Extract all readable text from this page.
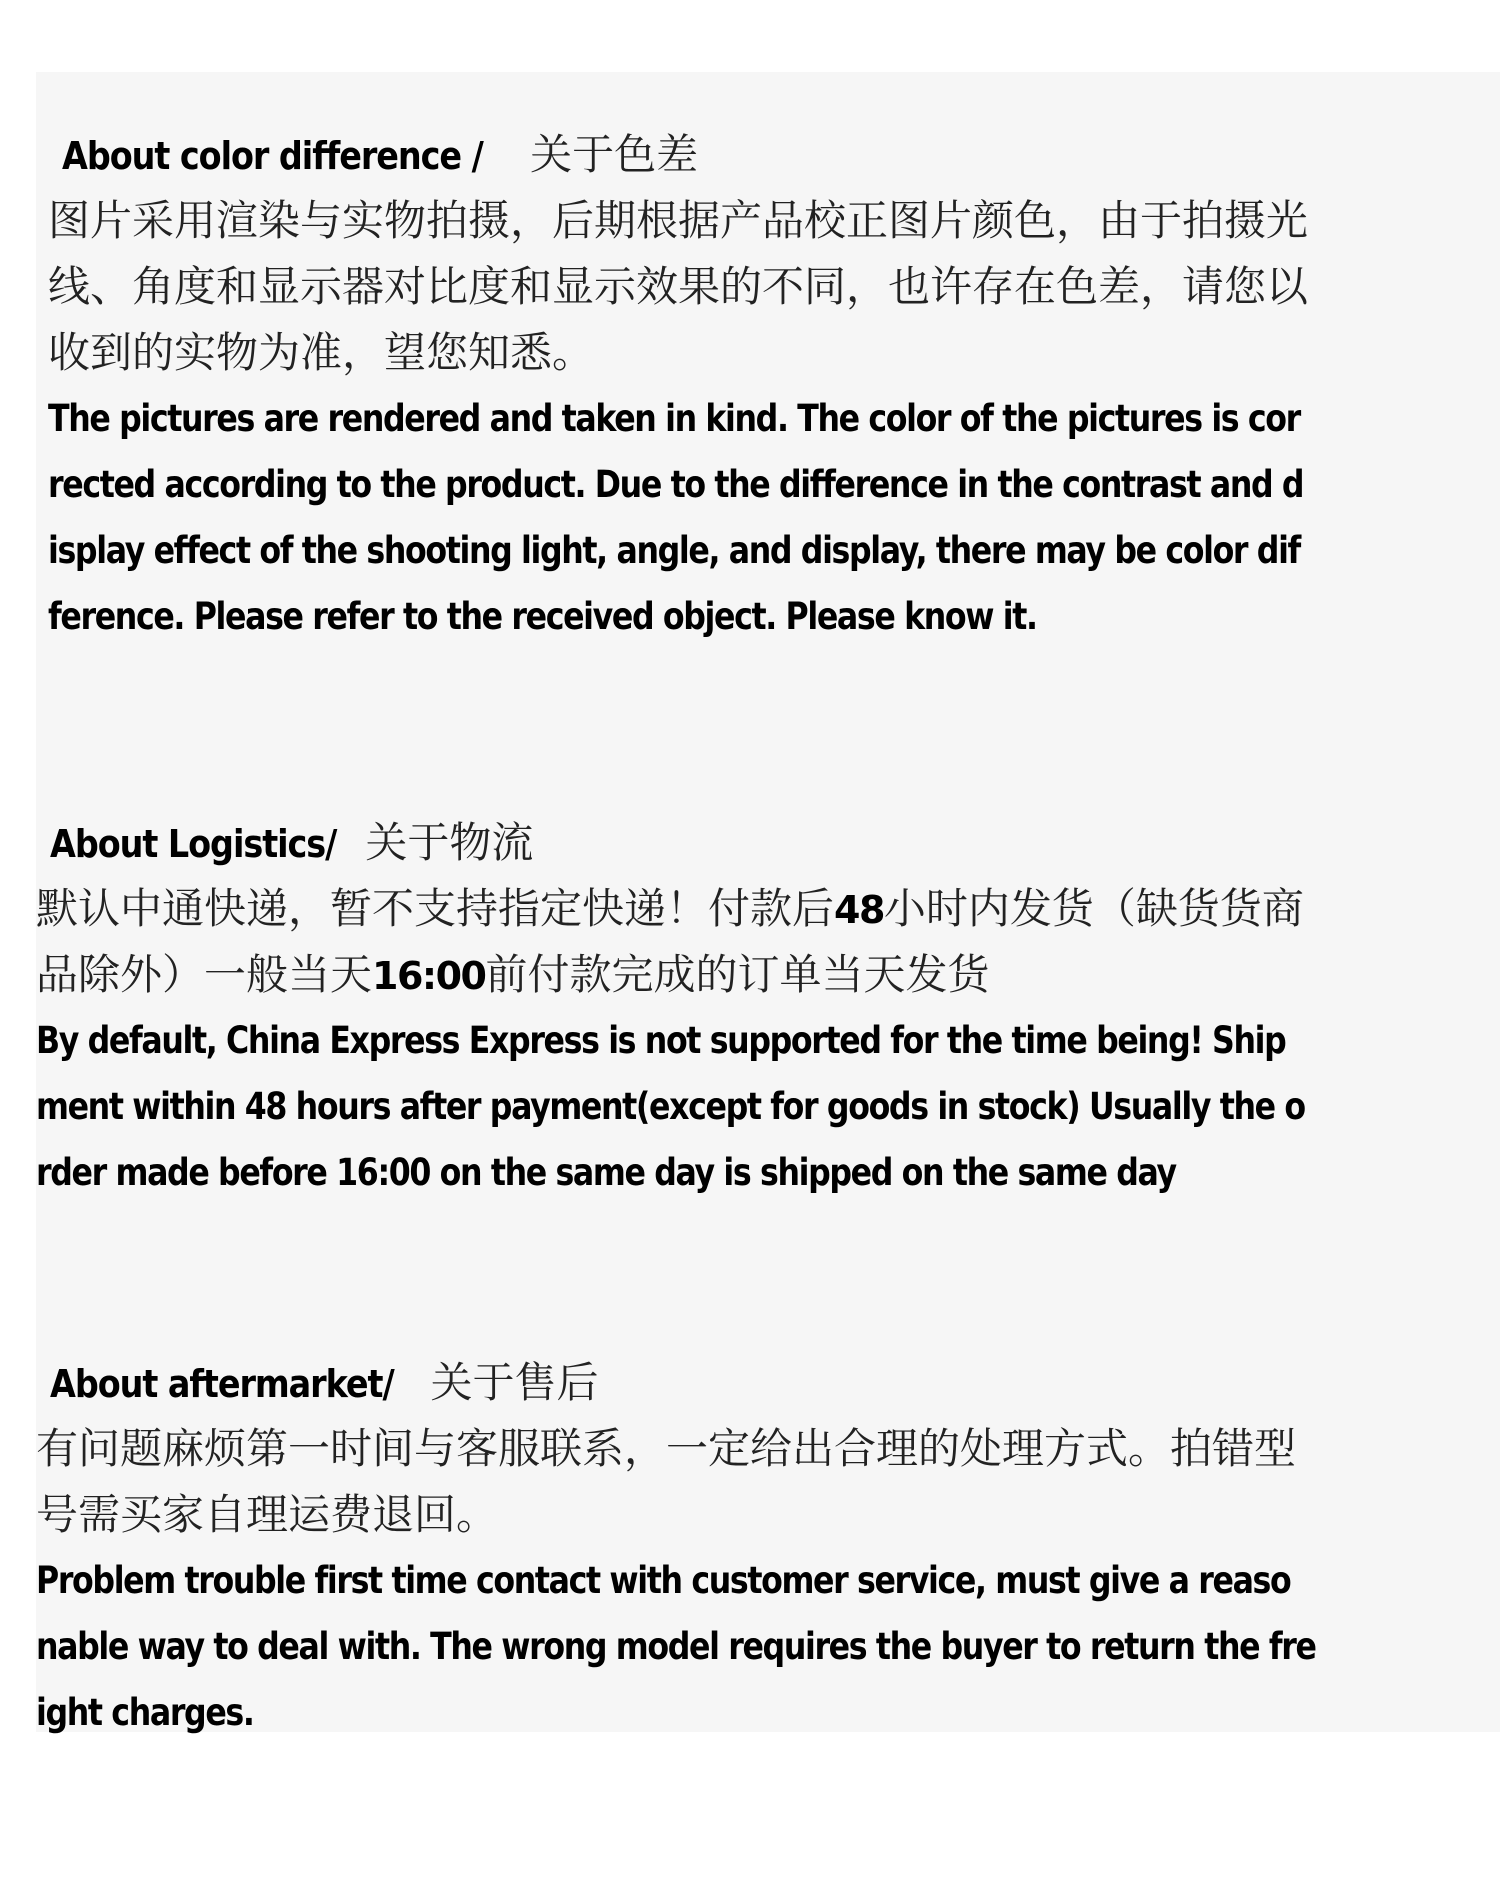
About color difference / 关于色差

图片采用渲染与实物拍摄，后期根据产品校正图片颜色，由于拍摄光

线、角度和显示器对比度和显示效果的不同，也许存在色差，请您以

收到的实物为准，望您知悉。

The pictures are rendered and taken in kind. The color of the pictures is cor

rected according to the product. Due to the difference in the contrast and d

isplay effect of the shooting light, angle, and display, there may be color dif

ference. Please refer to the received object. Please know it.

About Logistics/ 关于物流

默认中通快递，暂不支持指定快递！付款后48小时内发货（缺货货商

品除外）一般当天16:00前付款完成的订单当天发货

By default, China Express Express is not supported for the time being! Ship

ment within 48 hours after payment(except for goods in stock) Usually the o

rder made before 16:00 on the same day is shipped on the same day

About aftermarket/ 关于售后

有问题麻烦第一时间与客服联系，一定给出合理的处理方式。拍错型

号需买家自理运费退回。

Problem trouble first time contact with customer service, must give a reaso

nable way to deal with. The wrong model requires the buyer to return the fre

ight charges.
